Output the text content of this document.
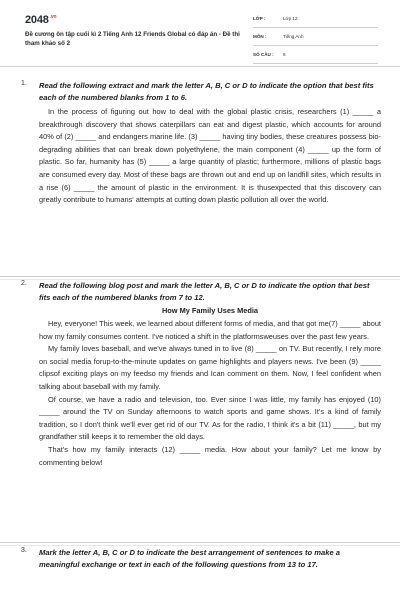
$2048^{.vn}$
Đề cương ôn tập cuối kì 2 Tiếng Anh 12 Friends Global có đáp án - Đề thi tham khảo số 2
LỚP :	Lớp 12
MÔN :	Tiếng Anh
SỐ CÂU : 6
1. Read the following extract and mark the letter A, B, C or D to indicate the option that best fits each of the numbered blanks from 1 to 6.

In the process of figuring out how to deal with the global plastic crisis, researchers (1) _____ a breakthrough discovery that shows caterpillars can eat and digest plastic, which accounts for around 40% of (2) _____ and endangers marine life. (3) _____ having tiny bodies, these creatures possess bio-degrading abilities that can break down polyethylene, the main component (4) _____ up the form of plastic. So far, humanity has (5) _____ a large quantity of plastic; furthermore, millions of plastic bags are consumed every day. Most of these bags are thrown out and end up on landfill sites, which results in a rise (6) _____ the amount of plastic in the environment. It is thusexpected that this discovery can greatly contribute to humans' attempts at cutting down plastic pollution all over the world.

2. Read the following blog post and mark the letter A, B, C or D to indicate the option that best fits each of the numbered blanks from 7 to 12.
How My Family Uses Media

Hey, everyone! This week, we learned about different forms of media, and that got me(7) _____ about how my family consumes content. I've noticed a shift in the platformsweuses over the past few years.

My family loves baseball, and we've always tuned in to live (8) _____ on TV. But recently, I rely more on social media forup-to-the-minute updates on game highlights and players news. I've been (9) _____ clipsof exciting plays on my feedso my friends and Ican comment on them. Now, I feel confident when talking about baseball with my family.

Of course, we have a radio and television, too. Ever since I was little, my family has enjoyed (10) _____ around the TV on Sunday afternoons to watch sports and game shows. It's a kind of family tradition, so I don't think we'll ever get rid of our TV. As for the radio, I think it's a bit (11) _____, but my grandfather still keeps it to remember the old days.

That's how my family interacts (12) _____ media. How about your family? Let me know by commenting below!

3. Mark the letter A, B, C or D to indicate the best arrangement of sentences to make a meaningful exchange or text in each of the following questions from 13 to 17.
